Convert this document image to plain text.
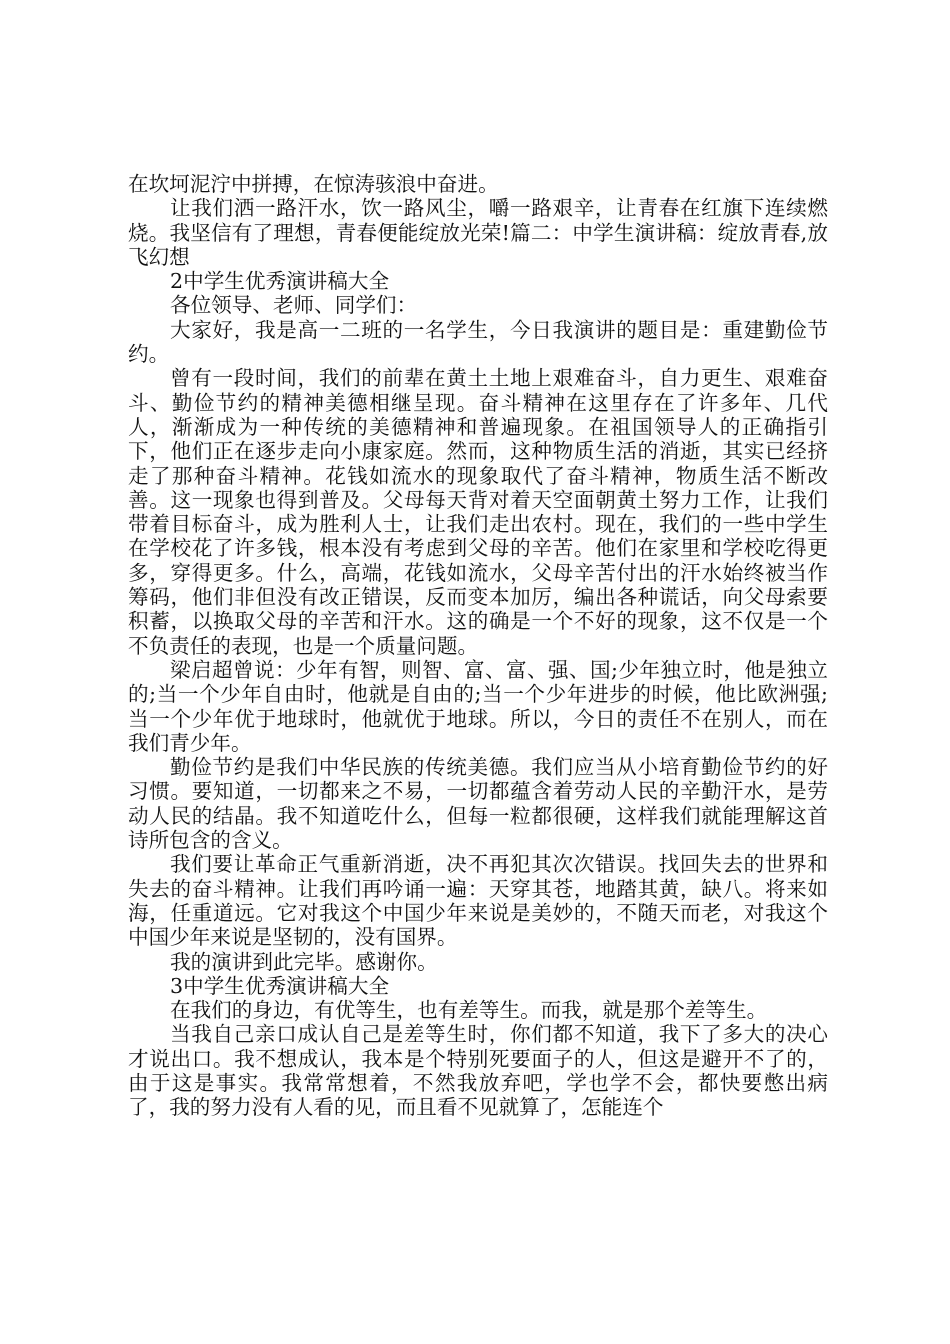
在坎坷泥泞中拼搏，在惊涛骇浪中奋进。

让我们洒一路汗水，饮一路风尘，嚼一路艰辛，让青春在红旗下连续燃烧。我坚信有了理想，青春便能绽放光荣!篇二：中学生演讲稿：绽放青春,放飞幻想

2中学生优秀演讲稿大全

各位领导、老师、同学们：

大家好，我是高一二班的一名学生，今日我演讲的题目是：重建勤俭节约。

曾有一段时间，我们的前辈在黄土土地上艰难奋斗，自力更生、艰难奋斗、勤俭节约的精神美德相继呈现。奋斗精神在这里存在了许多年、几代人，渐渐成为一种传统的美德精神和普遍现象。在祖国领导人的正确指引下，他们正在逐步走向小康家庭。然而，这种物质生活的消逝，其实已经挤走了那种奋斗精神。花钱如流水的现象取代了奋斗精神，物质生活不断改善。这一现象也得到普及。父母每天背对着天空面朝黄土努力工作，让我们带着目标奋斗，成为胜利人士，让我们走出农村。现在，我们的一些中学生在学校花了许多钱，根本没有考虑到父母的辛苦。他们在家里和学校吃得更多，穿得更多。什么，高端，花钱如流水，父母辛苦付出的汗水始终被当作筹码，他们非但没有改正错误，反而变本加厉，编出各种谎话，向父母索要积蓄，以换取父母的辛苦和汗水。这的确是一个不好的现象，这不仅是一个不负责任的表现，也是一个质量问题。

梁启超曾说：少年有智，则智、富、富、强、国;少年独立时，他是独立的;当一个少年自由时，他就是自由的;当一个少年进步的时候，他比欧洲强;当一个少年优于地球时，他就优于地球。所以，今日的责任不在别人，而在我们青少年。

勤俭节约是我们中华民族的传统美德。我们应当从小培育勤俭节约的好习惯。要知道，一切都来之不易，一切都蕴含着劳动人民的辛勤汗水，是劳动人民的结晶。我不知道吃什么，但每一粒都很硬，这样我们就能理解这首诗所包含的含义。

我们要让革命正气重新消逝，决不再犯其次次错误。找回失去的世界和失去的奋斗精神。让我们再吟诵一遍：天穿其苍，地踏其黄，缺八。将来如海，任重道远。它对我这个中国少年来说是美妙的，不随天而老，对我这个中国少年来说是坚韧的，没有国界。

我的演讲到此完毕。感谢你。

3中学生优秀演讲稿大全

在我们的身边，有优等生，也有差等生。而我，就是那个差等生。

当我自己亲口成认自己是差等生时，你们都不知道，我下了多大的决心才说出口。我不想成认，我本是个特别死要面子的人，但这是避开不了的，由于这是事实。我常常想着，不然我放弃吧，学也学不会，都快要憋出病了，我的努力没有人看的见，而且看不见就算了，怎能连个
